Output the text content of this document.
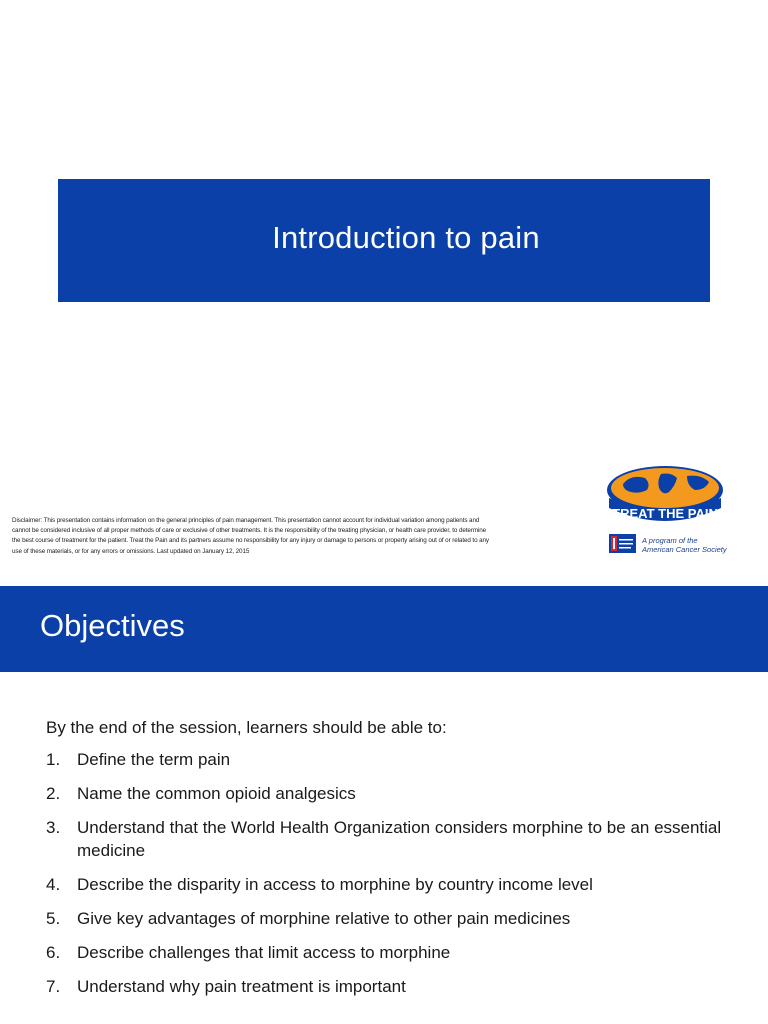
Introduction to pain
Disclaimer: This presentation contains information on the general principles of pain management. This presentation cannot account for individual variation among patients and cannot be considered inclusive of all proper methods of care or exclusive of other treatments. It is the responsibility of the treating physician, or health care provider, to determine the best course of treatment for the patient. Treat the Pain and its partners assume no responsibility for any injury or damage to persons or property arising out of or related to any use of these materials, or for any errors or omissions. Last updated on January 12, 2015
TREAT THE PAIN
A program of the
American Cancer Society
Objectives

By the end of the session, learners should be able to:

1. Define the term pain
2. Name the common opioid analgesics
3. Understand that the World Health Organization considers morphine to be an essential medicine
4. Describe the disparity in access to morphine by country income level
5. Give key advantages of morphine relative to other pain medicines
6. Describe challenges that limit access to morphine
7. Understand why pain treatment is important
